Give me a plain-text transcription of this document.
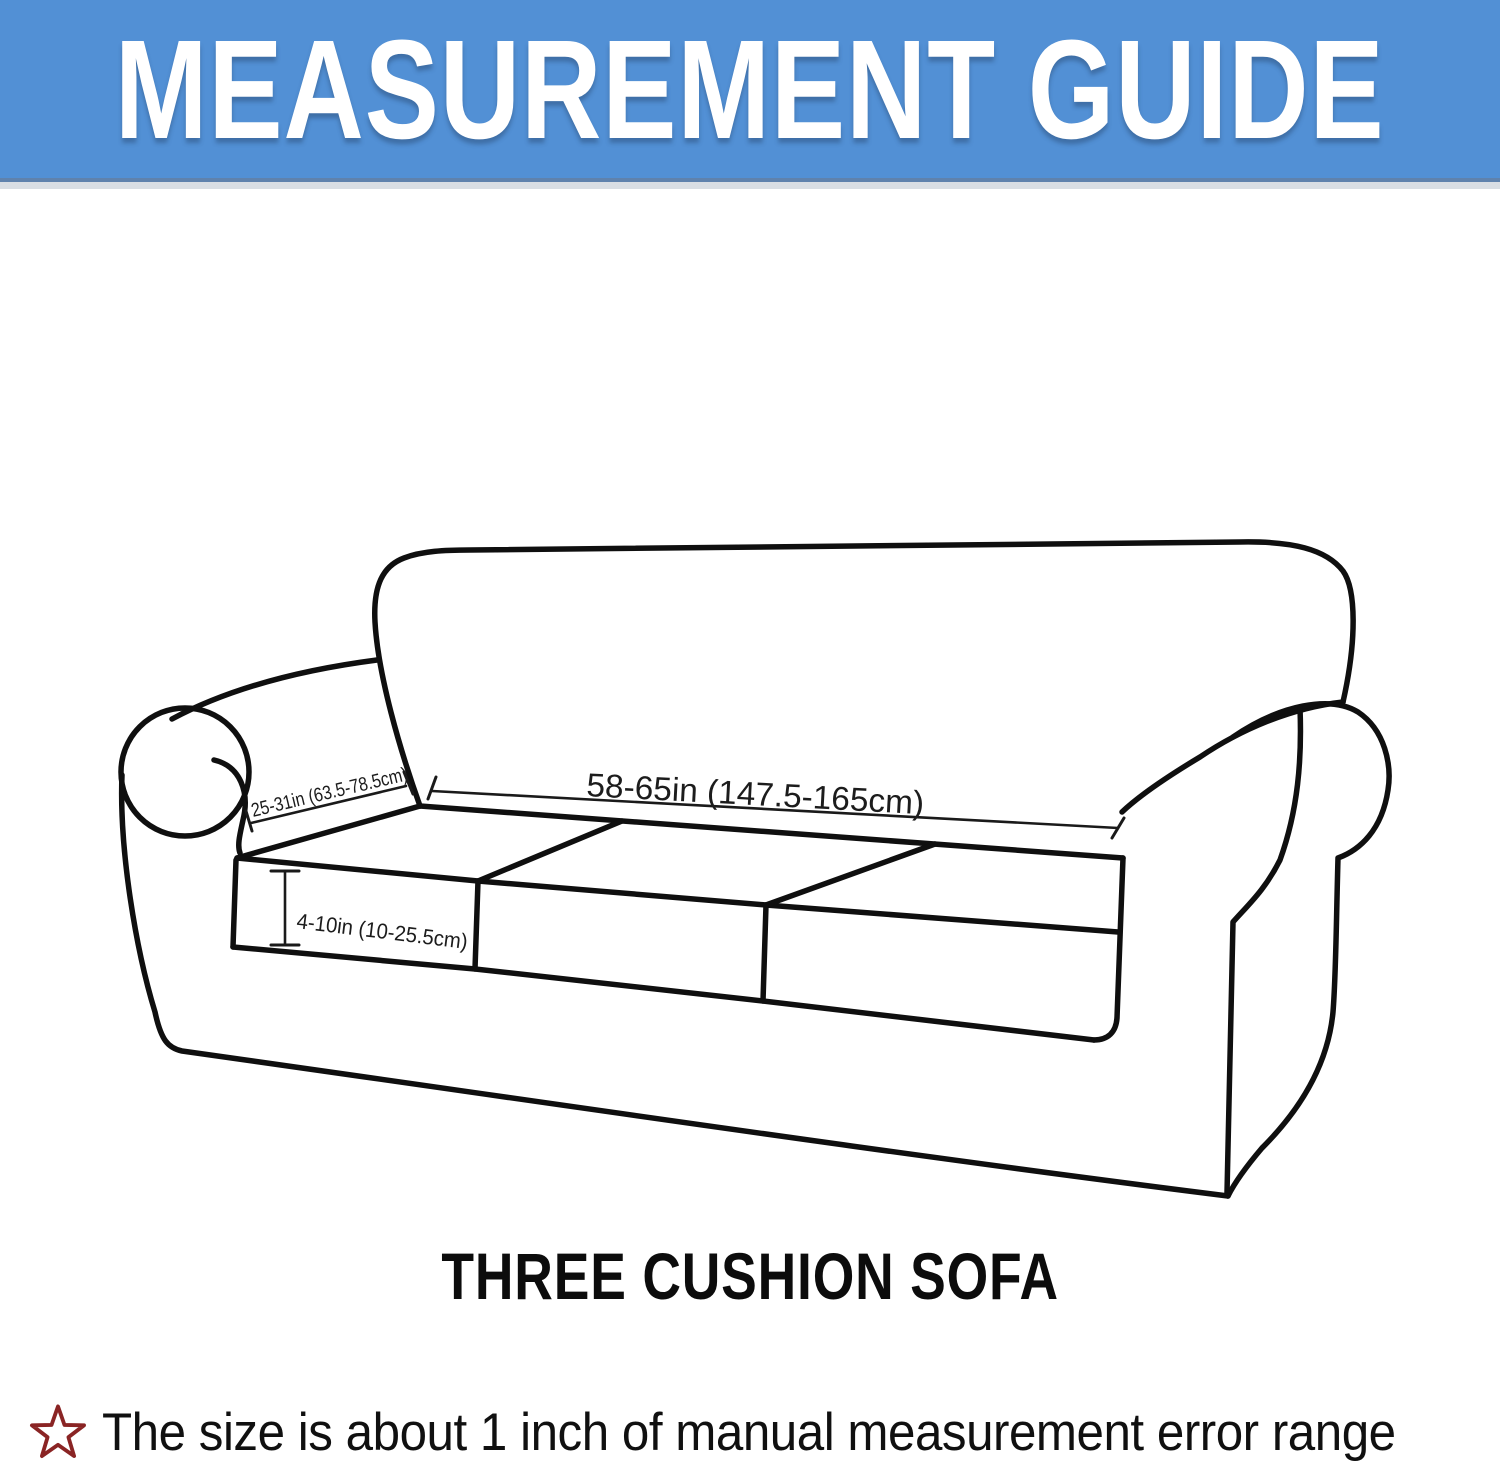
MEASUREMENT GUIDE
25-31in (63.5-78.5cm)	58-65in (147.5-165cm)
4-10in (10-25.5cm)
THREE CUSHION SOFA
The size is about 1 inch of manual measurement error range
